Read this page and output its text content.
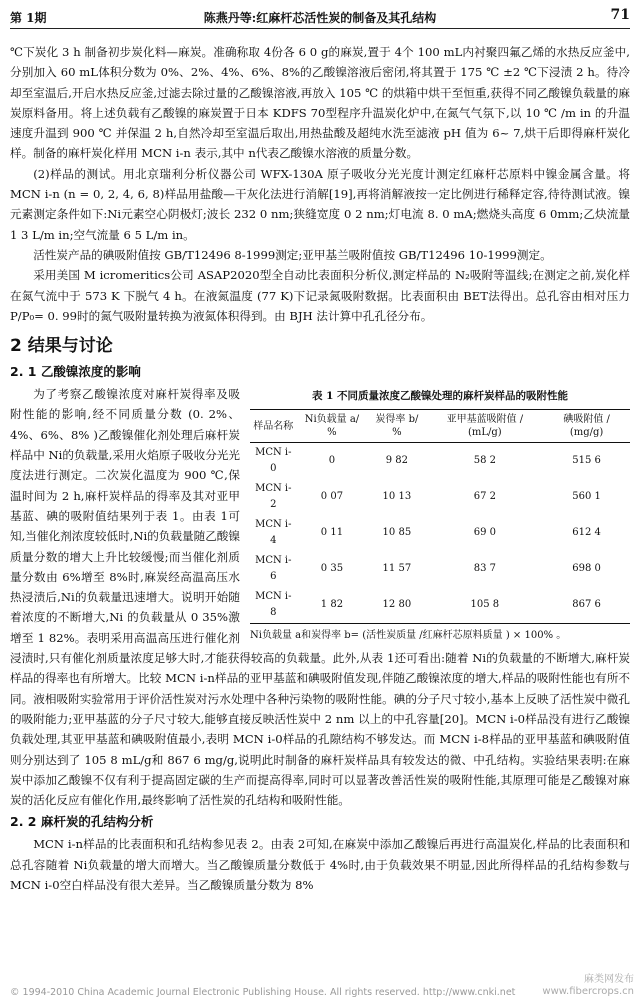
第 1期	陈燕丹等:红麻杆芯活性炭的制备及其孔结构	71

℃下炭化 3 h 制备初步炭化料—麻炭。准确称取 4份各 6 0 g的麻炭,置于 4个 100 mL内衬聚四氟乙烯的水热反应釜中,分别加入 60 mL体积分数为 0%、2%、4%、6%、8%的乙酸镍溶液后密闭,将其置于 175 ℃ ±2 ℃下浸渍 2 h。待冷却至室温后,开启水热反应釜,过滤去除过量的乙酸镍溶液,再放入 105 ℃ 的烘箱中烘干至恒重,获得不同乙酸镍负载量的麻炭原料备用。将上述负载有乙酸镍的麻炭置于日本 KDFS 70型程序升温炭化炉中,在氮气气氛下,以 10 ℃ /m in 的升温速度升温到 900 ℃ 并保温 2 h,自然冷却至室温后取出,用热盐酸及超纯水洗至滤液 pH 值为 6~ 7,烘干后即得麻杆炭化样。制备的麻杆炭化样用 MCN i-n 表示,其中 n代表乙酸镍水溶液的质量分数。

(2)样品的测试。用北京瑞利分析仪器公司 WFX-130A 原子吸收分光光度计测定红麻杆芯原料中镍金属含量。将 MCN i-n (n = 0, 2, 4, 6, 8)样品用盐酸—干灰化法进行消解[19],再将消解液按一定比例进行稀释定容,待待测试液。镍元素测定条件如下:Ni元素空心阴极灯;波长 232 0 nm;狭缝宽度 0 2 nm;灯电流 8. 0 mA;燃烧头高度 6 0mm;乙炔流量 1 3 L/m in;空气流量 6 5 L/m in。

活性炭产品的碘吸附值按 GB/T12496 8-1999测定;亚甲基兰吸附值按 GB/T12496 10-1999测定。

采用美国 M icromeritics公司 ASAP2020型全自动比表面积分析仪,测定样品的 N₂吸附等温线;在测定之前,炭化样在氮气流中于 573 K 下脱气 4 h。在液氮温度 (77 K)下记录氮吸附数据。比表面积由 BET法得出。总孔容由相对压力 P/P₀= 0. 99时的氮气吸附量转换为液氮体积得到。由 BJH 法计算中孔孔径分布。

2 结果与讨论
2. 1 乙酸镍浓度的影响
表 1 不同质量浓度乙酸镍处理的麻杆炭样品的吸附性能
样品名称	Ni负载量 a/ %	炭得率 b/ %	亚甲基蓝吸附值 / (mL/g)	碘吸附值 / (mg/g)
MCN i-0	0	9 82	58 2	515 6
MCN i-2	0 07	10 13	67 2	560 1
MCN i-4	0 11	10 85	69 0	612 4
MCN i-6	0 35	11 57	83 7	698 0
MCN i-8	1 82	12 80	105 8	867 6
Ni负载量 a和炭得率 b= (活性炭质量 /红麻杆芯原料质量 ) × 100% 。

为了考察乙酸镍浓度对麻杆炭得率及吸附性能的影响,经不同质量分数 (0. 2%、4%、6%、8% )乙酸镍催化剂处理后麻杆炭样品中 Ni的负载量,采用火焰原子吸收分光光度法进行测定。二次炭化温度为 900 ℃,保温时间为 2 h,麻杆炭样品的得率及其对亚甲基蓝、碘的吸附值结果列于表 1。由表 1可知,当催化剂浓度较低时,Ni的负载量随乙酸镍质量分数的增大上升比较缓慢;而当催化剂质量分数由 6%增至 8%时,麻炭经高温高压水热浸渍后,Ni的负载量迅速增大。说明开始随着浓度的不断增大,Ni 的负载量从 0 35%激增至 1 82%。表明采用高温高压进行催化剂浸渍时,只有催化剂质量浓度足够大时,才能获得较高的负载量。此外,从表 1还可看出:随着 Ni的负载量的不断增大,麻杆炭样品的得率也有所增大。比较 MCN i-n样品的亚甲基蓝和碘吸附值发现,伴随乙酸镍浓度的增大,样品的吸附性能也有所不同。液相吸附实验常用于评价活性炭对污水处理中各种污染物的吸附性能。碘的分子尺寸较小,基本上反映了活性炭中微孔的吸附能力;亚甲基蓝的分子尺寸较大,能够直接反映活性炭中 2 nm 以上的中孔容量[20]。MCN i-0样品没有进行乙酸镍负载处理,其亚甲基蓝和碘吸附值最小,表明 MCN i-0样品的孔隙结构不够发达。而 MCN i-8样品的亚甲基蓝和碘吸附值则分别达到了 105 8 mL/g和 867 6 mg/g,说明此时制备的麻杆炭样品具有较发达的微、中孔结构。实验结果表明:在麻炭中添加乙酸镍不仅有利于提高固定碳的生产而提高得率,同时可以显著改善活性炭的吸附性能,其原理可能是乙酸镍对麻炭的活化反应有催化作用,最终影响了活性炭的孔结构和吸附性能。

2. 2 麻杆炭的孔结构分析

MCN i-n样品的比表面积和孔结构参见表 2。由表 2可知,在麻炭中添加乙酸镍后再进行高温炭化,样品的比表面积和总孔容随着 Ni负载量的增大而增大。当乙酸镍质量分数低于 4%时,由于负载效果不明显,因此所得样品的孔结构参数与 MCN i-0空白样品没有很大差异。当乙酸镍质量分数为 8%

© 1994-2010 China Academic Journal Electronic Publishing House. All rights reserved. http://www.cnki.net
麻类网发布
www.fibercrops.cn
